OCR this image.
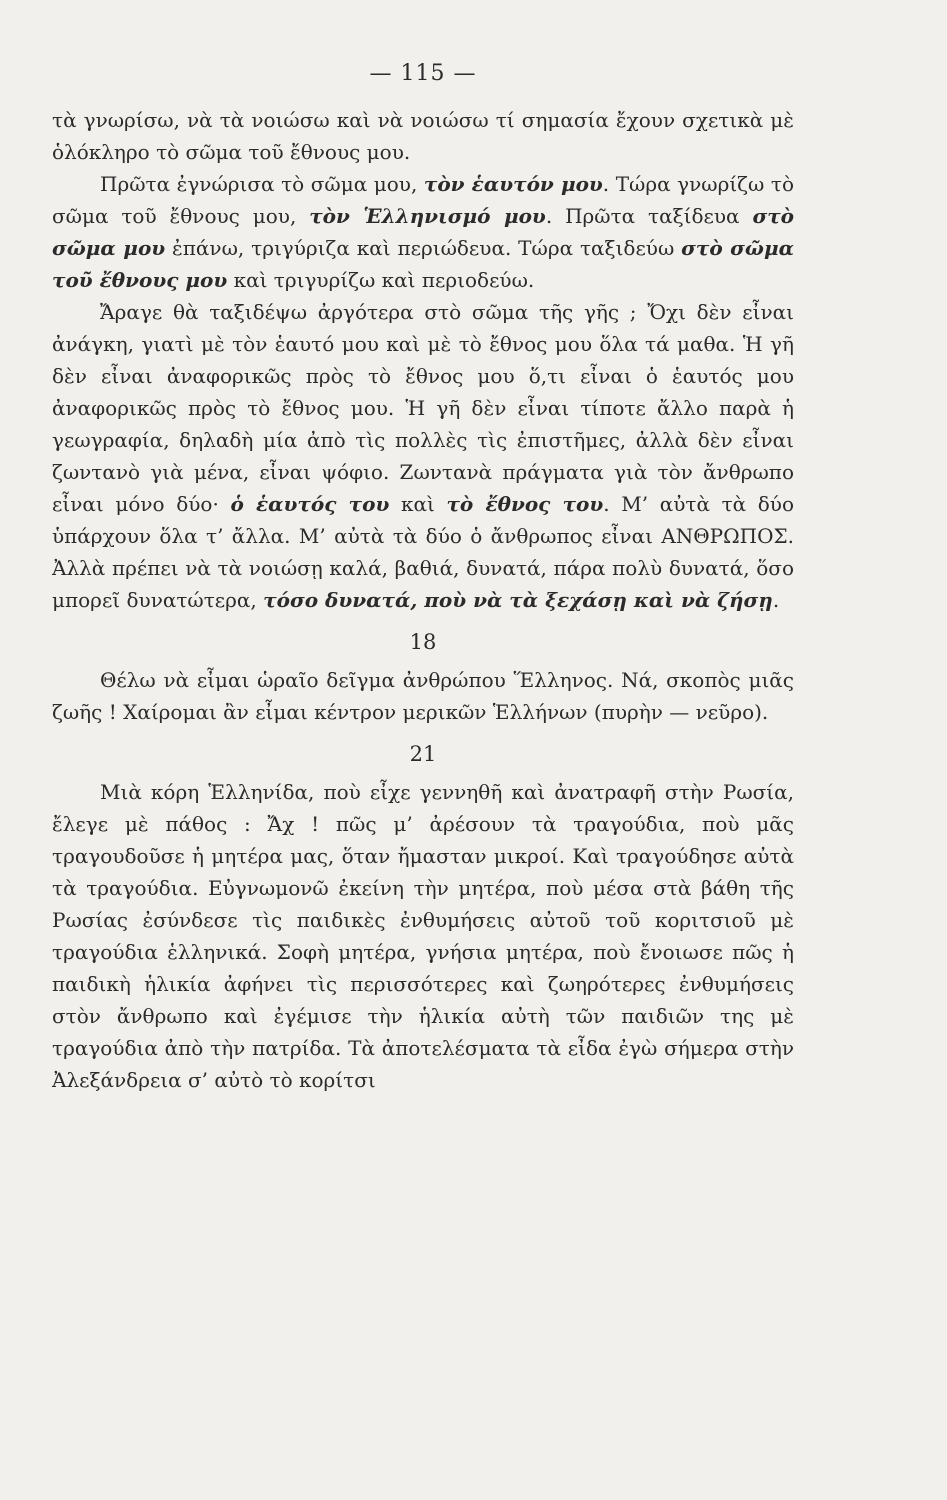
— 115 —

τὰ γνωρίσω, νὰ τὰ νοιώσω καὶ νὰ νοιώσω τί σημασία ἔχουν σχετικὰ μὲ ὁλόκληρο τὸ σῶμα τοῦ ἔθνους μου.

Πρῶτα ἐγνώρισα τὸ σῶμα μου, τὸν ἑαυτόν μου. Τώρα γνωρίζω τὸ σῶμα τοῦ ἔθνους μου, τὸν Ἑλληνισμό μου. Πρῶτα ταξίδευα στὸ σῶμα μου ἐπάνω, τριγύριζα καὶ περιώδευα. Τώρα ταξιδεύω στὸ σῶμα τοῦ ἔθνους μου καὶ τριγυρίζω καὶ περιοδεύω.

Ἄραγε θὰ ταξιδέψω ἀργότερα στὸ σῶμα τῆς γῆς ; Ὄχι δὲν εἶναι ἀνάγκη, γιατὶ μὲ τὸν ἑαυτό μου καὶ μὲ τὸ ἔθνος μου ὅλα τά μαθα. Ἡ γῆ δὲν εἶναι ἀναφορικῶς πρὸς τὸ ἔθνος μου ὅ,τι εἶναι ὁ ἑαυτός μου ἀναφορικῶς πρὸς τὸ ἔθνος μου. Ἡ γῆ δὲν εἶναι τίποτε ἄλλο παρὰ ἡ γεωγραφία, δηλαδὴ μία ἀπὸ τὶς πολλὲς τὶς ἐπιστῆμες, ἀλλὰ δὲν εἶναι ζωντανὸ γιὰ μένα, εἶναι ψόφιο. Ζωντανὰ πράγματα γιὰ τὸν ἄνθρωπο εἶναι μόνο δύο· ὁ ἑαυτός του καὶ τὸ ἔθνος του. Μ’ αὐτὰ τὰ δύο ὑπάρχουν ὅλα τ’ ἄλλα. Μ’ αὐτὰ τὰ δύο ὁ ἄνθρωπος εἶναι ΑΝΘΡΩΠΟΣ. Ἀλλὰ πρέπει νὰ τὰ νοιώσῃ καλά, βαθιά, δυνατά, πάρα πολὺ δυνατά, ὅσο μπορεῖ δυνατώτερα, τόσο δυνατά, ποὺ νὰ τὰ ξεχάσῃ καὶ νὰ ζήσῃ.

18

Θέλω νὰ εἶμαι ὡραῖο δεῖγμα ἀνθρώπου Ἕλληνος. Νά, σκοπὸς μιᾶς ζωῆς ! Χαίρομαι ἂν εἶμαι κέντρον μερικῶν Ἑλλήνων (πυρὴν — νεῦρο).

21

Μιὰ κόρη Ἑλληνίδα, ποὺ εἶχε γεννηθῆ καὶ ἀνατραφῆ στὴν Ρωσία, ἔλεγε μὲ πάθος : Ἄχ ! πῶς μ’ ἀρέσουν τὰ τραγούδια, ποὺ μᾶς τραγουδοῦσε ἡ μητέρα μας, ὅταν ἤμασταν μικροί. Καὶ τραγούδησε αὐτὰ τὰ τραγούδια. Εὐγνωμονῶ ἐκείνη τὴν μητέρα, ποὺ μέσα στὰ βάθη τῆς Ρωσίας ἐσύνδεσε τὶς παιδικὲς ἐνθυμήσεις αὐτοῦ τοῦ κοριτσιοῦ μὲ τραγούδια ἑλληνικά. Σοφὴ μητέρα, γνήσια μητέρα, ποὺ ἔνοιωσε πῶς ἡ παιδικὴ ἡλικία ἀφήνει τὶς περισσότερες καὶ ζωηρότερες ἐνθυμήσεις στὸν ἄνθρωπο καὶ ἐγέμισε τὴν ἡλικία αὐτὴ τῶν παιδιῶν της μὲ τραγούδια ἀπὸ τὴν πατρίδα. Τὰ ἀποτελέσματα τὰ εἶδα ἐγὼ σήμερα στὴν Ἀλεξάνδρεια σ’ αὐτὸ τὸ κορίτσι
